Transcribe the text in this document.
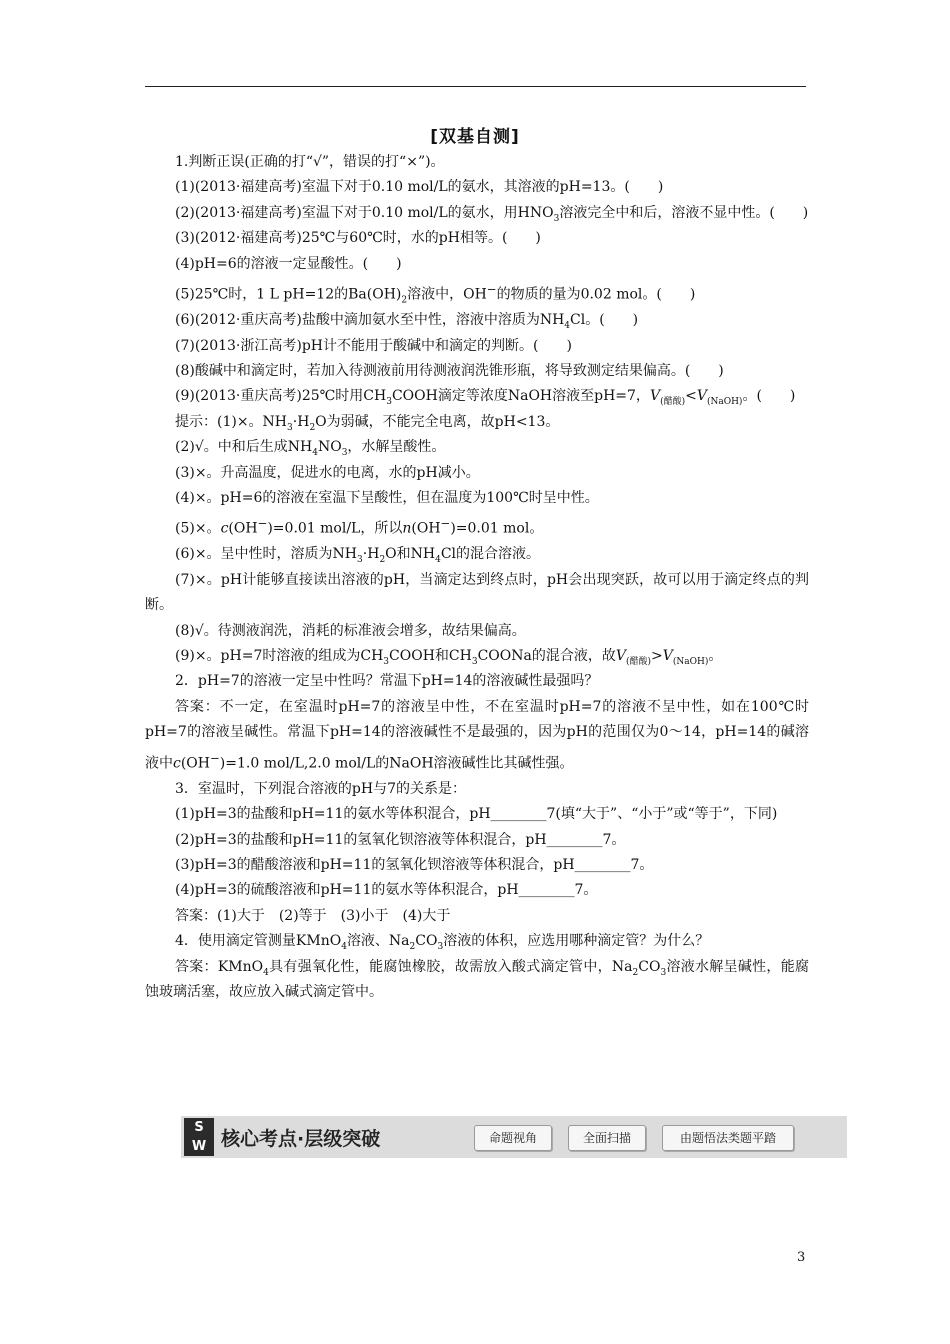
[双基自测]

1.判断正误(正确的打“√”，错误的打“×”)。

(1)(2013·福建高考)室温下对于0.10 mol/L的氨水，其溶液的pH=13。(　　)

(2)(2013·福建高考)室温下对于0.10 mol/L的氨水，用$HNO_3$溶液完全中和后，溶液不显中性。(　　)

(3)(2012·福建高考)25℃与60℃时，水的pH相等。(　　)

(4)pH=6的溶液一定显酸性。(　　)

(5)25℃时，1 L pH=12的$Ba(OH)_2$溶液中，OH−的物质的量为0.02 mol。(　　)

(6)(2012·重庆高考)盐酸中滴加氨水至中性，溶液中溶质为$NH_4Cl$。(　　)

(7)(2013·浙江高考)pH计不能用于酸碱中和滴定的判断。(　　)

(8)酸碱中和滴定时，若加入待测液前用待测液润洗锥形瓶，将导致测定结果偏高。(　　)

(9)(2013·重庆高考)25℃时用$CH_3COOH$滴定等浓度NaOH溶液至pH=7，$V_{(醋酸)}<V_{(NaOH)}$。(　　)

提示：(1)×。$NH_3\cdot H_2O$为弱碱，不能完全电离，故pH<13。

(2)√。中和后生成$NH_4NO_3$，水解呈酸性。

(3)×。升高温度，促进水的电离，水的pH减小。

(4)×。pH=6的溶液在室温下呈酸性，但在温度为100℃时呈中性。

(5)×。c(OH−)=0.01 mol/L，所以n(OH−)=0.01 mol。

(6)×。呈中性时，溶质为$NH_3\cdot H_2O$和$NH_4Cl$的混合溶液。

(7)×。pH计能够直接读出溶液的pH，当滴定达到终点时，pH会出现突跃，故可以用于滴定终点的判断。

(8)√。待测液润洗，消耗的标准液会增多，故结果偏高。

(9)×。pH=7时溶液的组成为$CH_3COOH$和$CH_3COONa$的混合液，故$V_{(醋酸)}>V_{(NaOH)}$。

2．pH=7的溶液一定呈中性吗？常温下pH=14的溶液碱性最强吗？

答案：不一定，在室温时pH=7的溶液呈中性，不在室温时pH=7的溶液不呈中性，如在100℃时pH=7的溶液呈碱性。常温下pH=14的溶液碱性不是最强的，因为pH的范围仅为0～14，pH=14的碱溶液中c(OH−)=1.0 mol/L,2.0 mol/L的NaOH溶液碱性比其碱性强。

3．室温时，下列混合溶液的pH与7的关系是：

(1)pH=3的盐酸和pH=11的氨水等体积混合，pH________7(填“大于”、“小于”或“等于”，下同)

(2)pH=3的盐酸和pH=11的氢氧化钡溶液等体积混合，pH________7。

(3)pH=3的醋酸溶液和pH=11的氢氧化钡溶液等体积混合，pH________7。

(4)pH=3的硫酸溶液和pH=11的氨水等体积混合，pH________7。

答案：(1)大于　(2)等于　(3)小于　(4)大于

4．使用滴定管测量KMnO$_4$溶液、$Na_2CO_3$溶液的体积，应选用哪种滴定管？为什么？

答案：KMnO$_4$具有强氧化性，能腐蚀橡胶，故需放入酸式滴定管中，$Na_2CO_3$溶液水解呈碱性，能腐蚀玻璃活塞，故应放入碱式滴定管中。

S
W 核心考点·层级突破	命题视角	全面扫描	由题悟法类题平踏
3
